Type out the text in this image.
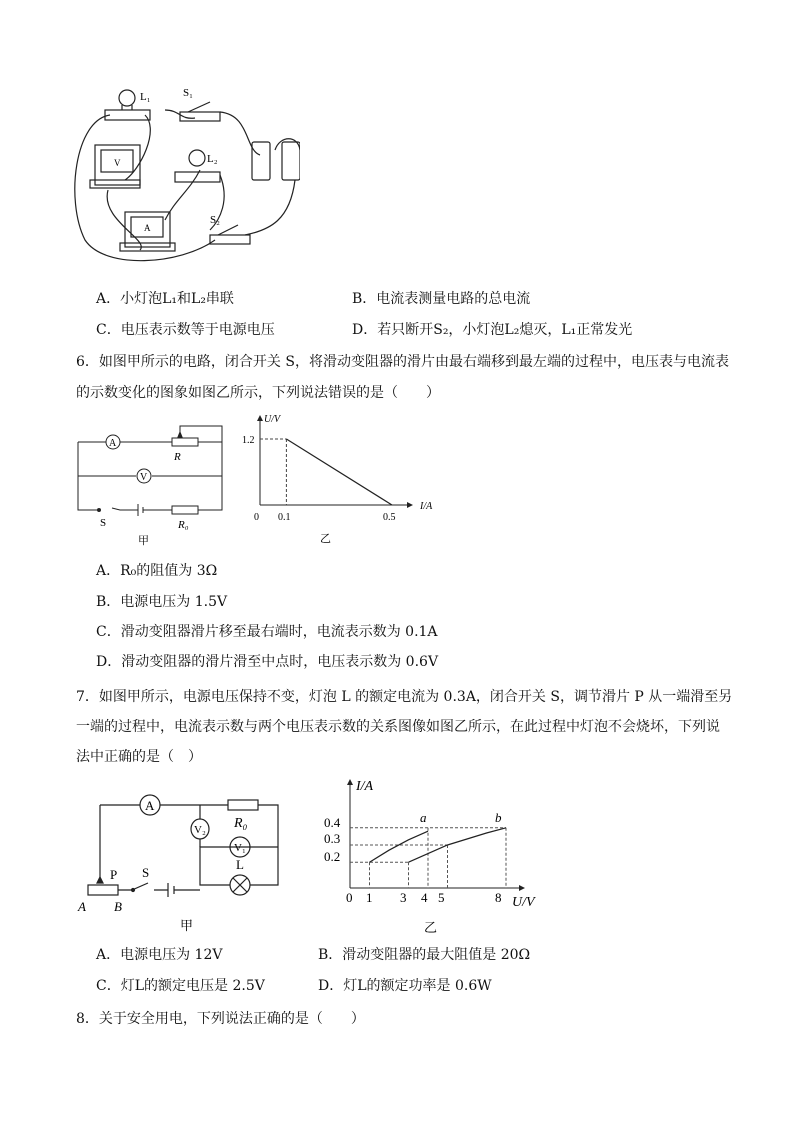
L₁	S₁
L₂
S₂
V
A
A．小灯泡L₁和L₂串联	B．电流表测量电路的总电流
C．电压表示数等于电源电压	D．若只断开S₂，小灯泡L₂熄灭，L₁正常发光
6．如图甲所示的电路，闭合开关 S，将滑动变阻器的滑片由最右端移到最左端的过程中，电压表与电流表
的示数变化的图象如图乙所示，下列说法错误的是（　　）
A
V
R
S	R₀
甲
U/V
I/A
0 0.1	0.5
1.2
乙
A．R₀的阻值为 3Ω
B．电源电压为 1.5V
C．滑动变阻器滑片移至最右端时，电流表示数为 0.1A
D．滑动变阻器的滑片滑至中点时，电压表示数为 0.6V
7．如图甲所示，电源电压保持不变，灯泡 L 的额定电流为 0.3A，闭合开关 S，调节滑片 P 从一端滑至另
一端的过程中，电流表示数与两个电压表示数的关系图像如图乙所示，在此过程中灯泡不会烧坏，下列说
法中正确的是（　）
A
V₂
V₁
R₀
P S
L
A B
甲
I/A
U/V
0 1 3 4 5	8
0.2
0.3
0.4	a	b
乙
A．电源电压为 12V	B．滑动变阻器的最大阻值是 20Ω
C．灯L的额定电压是 2.5V	D．灯L的额定功率是 0.6W
8．关于安全用电，下列说法正确的是（　　）
